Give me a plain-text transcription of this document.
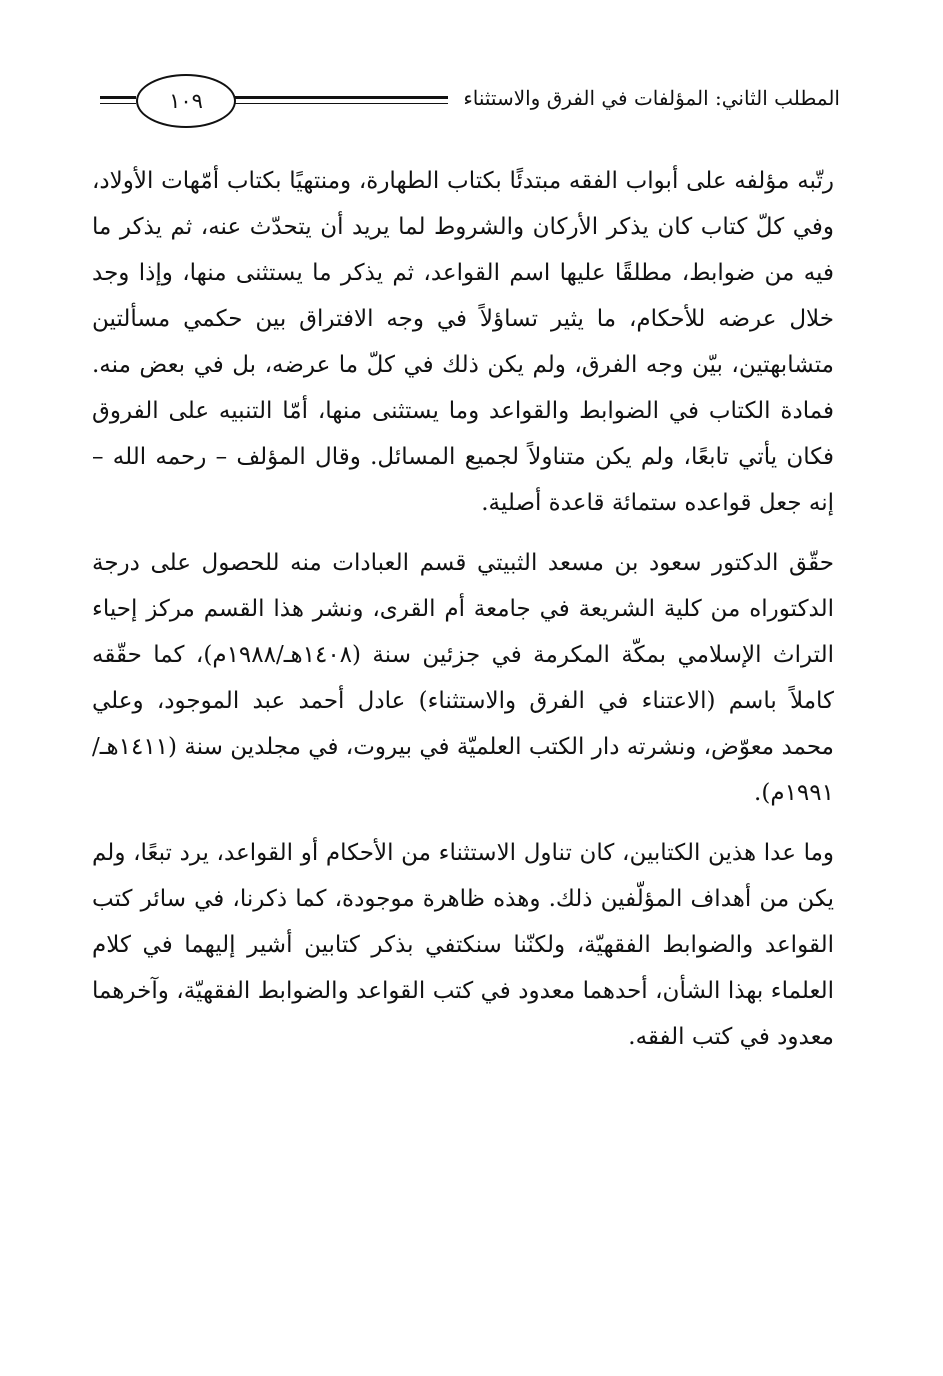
١٠٩	المطلب الثاني: المؤلفات في الفرق والاستثناء

رتّبه مؤلفه على أبواب الفقه مبتدئًا بكتاب الطهارة، ومنتهيًا بكتاب أمّهات الأولاد، وفي كلّ كتاب كان يذكر الأركان والشروط لما يريد أن يتحدّث عنه، ثم يذكر ما فيه من ضوابط، مطلقًا عليها اسم القواعد، ثم يذكر ما يستثنى منها، وإذا وجد خلال عرضه للأحكام، ما يثير تساؤلاً في وجه الافتراق بين حكمي مسألتين متشابهتين، بيّن وجه الفرق، ولم يكن ذلك في كلّ ما عرضه، بل في بعض منه. فمادة الكتاب في الضوابط والقواعد وما يستثنى منها، أمّا التنبيه على الفروق فكان يأتي تابعًا، ولم يكن متناولاً لجميع المسائل. وقال المؤلف – رحمه الله – إنه جعل قواعده ستمائة قاعدة أصلية.

حقّق الدكتور سعود بن مسعد الثبيتي قسم العبادات منه للحصول على درجة الدكتوراه من كلية الشريعة في جامعة أم القرى، ونشر هذا القسم مركز إحياء التراث الإسلامي بمكّة المكرمة في جزئين سنة (١٤٠٨هـ/١٩٨٨م)، كما حقّقه كاملاً باسم (الاعتناء في الفرق والاستثناء) عادل أحمد عبد الموجود، وعلي محمد معوّض، ونشرته دار الكتب العلميّة في بيروت، في مجلدين سنة (١٤١١هـ/١٩٩١م).

وما عدا هذين الكتابين، كان تناول الاستثناء من الأحكام أو القواعد، يرد تبعًا، ولم يكن من أهداف المؤلّفين ذلك. وهذه ظاهرة موجودة، كما ذكرنا، في سائر كتب القواعد والضوابط الفقهيّة، ولكنّنا سنكتفي بذكر كتابين أشير إليهما في كلام العلماء بهذا الشأن، أحدهما معدود في كتب القواعد والضوابط الفقهيّة، وآخرهما معدود في كتب الفقه.
